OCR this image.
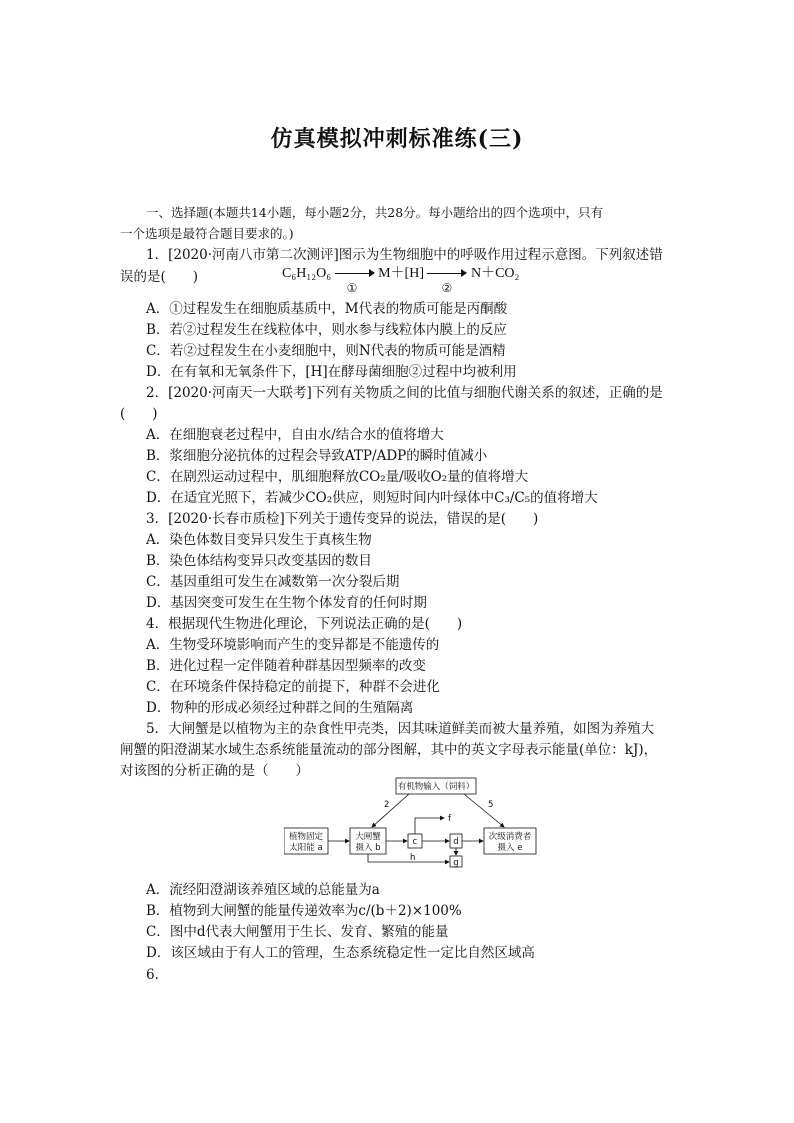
仿真模拟冲刺标准练(三)
一、选择题(本题共14小题，每小题2分，共28分。每小题给出的四个选项中，只有
一个选项是最符合题目要求的。)
1．[2020·河南八市第二次测评]图示为生物细胞中的呼吸作用过程示意图。下列叙述错
误的是(　　)	C₆H₁₂O₆
①
M＋[H]
②
N＋CO₂
A．①过程发生在细胞质基质中，M代表的物质可能是丙酮酸
B．若②过程发生在线粒体中，则水参与线粒体内膜上的反应
C．若②过程发生在小麦细胞中，则N代表的物质可能是酒精
D．在有氧和无氧条件下，[H]在酵母菌细胞②过程中均被利用
2．[2020·河南天一大联考]下列有关物质之间的比值与细胞代谢关系的叙述，正确的是
(　　)
A．在细胞衰老过程中，自由水/结合水的值将增大
B．浆细胞分泌抗体的过程会导致ATP/ADP的瞬时值减小
C．在剧烈运动过程中，肌细胞释放CO₂量/吸收O₂量的值将增大
D．在适宜光照下，若减少CO₂供应，则短时间内叶绿体中C₃/C₅的值将增大
3．[2020·长春市质检]下列关于遗传变异的说法，错误的是(　　)
A．染色体数目变异只发生于真核生物
B．染色体结构变异只改变基因的数目
C．基因重组可发生在减数第一次分裂后期
D．基因突变可发生在生物个体发育的任何时期
4．根据现代生物进化理论，下列说法正确的是(　　)
A．生物受环境影响而产生的变异都是不能遗传的
B．进化过程一定伴随着种群基因型频率的改变
C．在环境条件保持稳定的前提下，种群不会进化
D．物种的形成必须经过种群之间的生殖隔离
5．大闸蟹是以植物为主的杂食性甲壳类，因其味道鲜美而被大量养殖，如图为养殖大
闸蟹的阳澄湖某水域生态系统能量流动的部分图解，其中的英文字母表示能量(单位：kJ)，
对该图的分析正确的是（　　）
有机物输入（饲料）
植物固定
太阳能 a
大闸蟹
摄入 b
c	d
g
次级消费者
摄入 e
f
h
2	5
A．流经阳澄湖该养殖区域的总能量为a
B．植物到大闸蟹的能量传递效率为c/(b＋2)×100%
C．图中d代表大闸蟹用于生长、发育、繁殖的能量
D．该区域由于有人工的管理，生态系统稳定性一定比自然区域高
6.
